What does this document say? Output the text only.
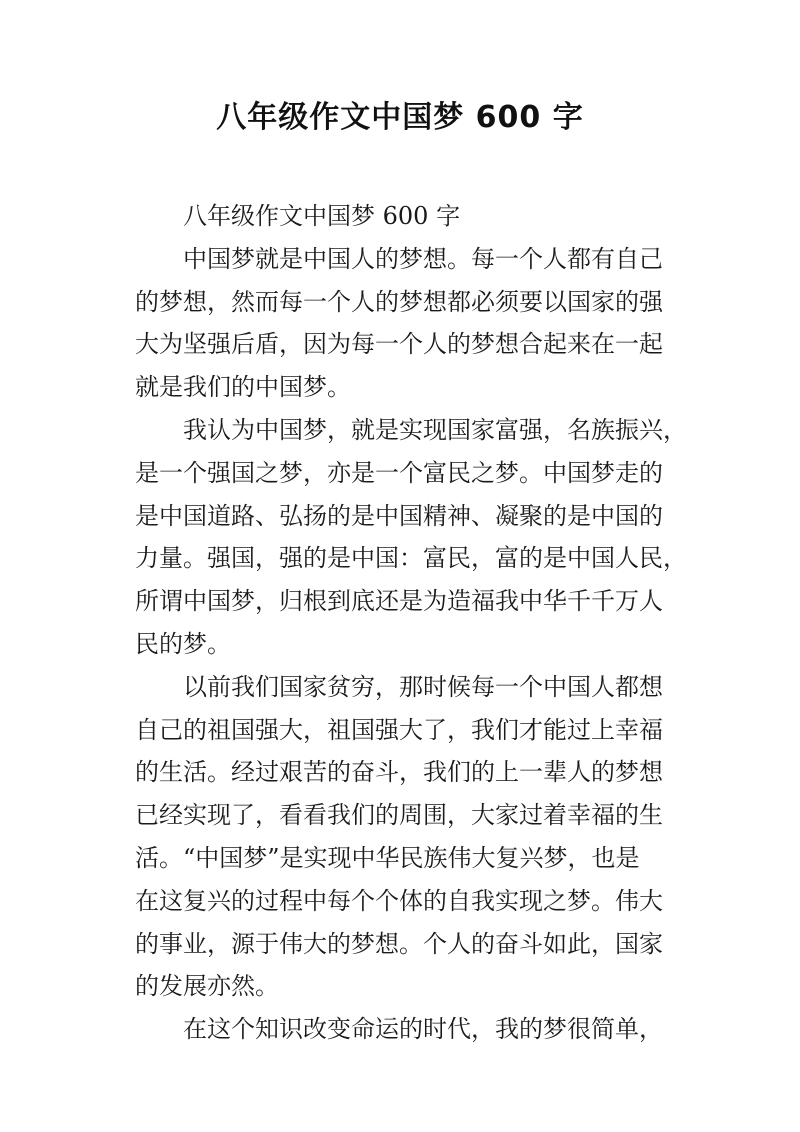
八年级作文中国梦 600 字
八年级作文中国梦 600 字
中国梦就是中国人的梦想。每一个人都有自己
的梦想，然而每一个人的梦想都必须要以国家的强
大为坚强后盾，因为每一个人的梦想合起来在一起
就是我们的中国梦。
我认为中国梦，就是实现国家富强，名族振兴，
是一个强国之梦，亦是一个富民之梦。中国梦走的
是中国道路、弘扬的是中国精神、凝聚的是中国的
力量。强国，强的是中国：富民，富的是中国人民，
所谓中国梦，归根到底还是为造福我中华千千万人
民的梦。
以前我们国家贫穷，那时候每一个中国人都想
自己的祖国强大，祖国强大了，我们才能过上幸福
的生活。经过艰苦的奋斗，我们的上一辈人的梦想
已经实现了，看看我们的周围，大家过着幸福的生
活。“中国梦”是实现中华民族伟大复兴梦，也是
在这复兴的过程中每个个体的自我实现之梦。伟大
的事业，源于伟大的梦想。个人的奋斗如此，国家
的发展亦然。
在这个知识改变命运的时代，我的梦很简单，
